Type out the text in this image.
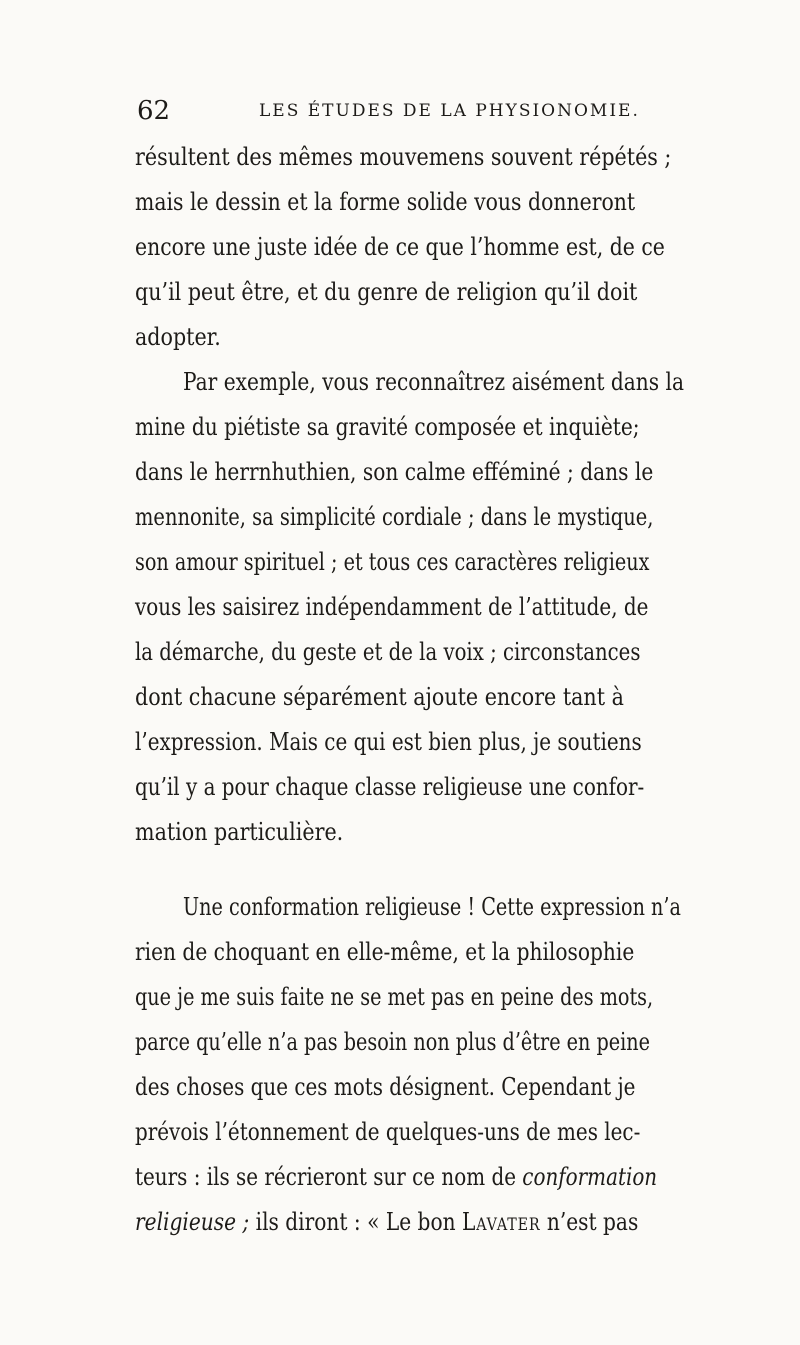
62	LES ÉTUDES DE LA PHYSIONOMIE.
résultent des mêmes mouvemens souvent répétés ;
mais le dessin et la forme solide vous donneront
encore une juste idée de ce que l’homme est, de ce
qu’il peut être, et du genre de religion qu’il doit
adopter.
Par exemple, vous reconnaîtrez aisément dans la
mine du piétiste sa gravité composée et inquiète;
dans le herrnhuthien, son calme efféminé ; dans le
mennonite, sa simplicité cordiale ; dans le mystique,
son amour spirituel ; et tous ces caractères religieux
vous les saisirez indépendamment de l’attitude, de
la démarche, du geste et de la voix ; circonstances
dont chacune séparément ajoute encore tant à
l’expression. Mais ce qui est bien plus, je soutiens
qu’il y a pour chaque classe religieuse une confor-
mation particulière.
Une conformation religieuse ! Cette expression n’a
rien de choquant en elle-même, et la philosophie
que je me suis faite ne se met pas en peine des mots,
parce qu’elle n’a pas besoin non plus d’être en peine
des choses que ces mots désignent. Cependant je
prévois l’étonnement de quelques-uns de mes lec-
teurs : ils se récrieront sur ce nom de conformation
religieuse ; ils diront : « Le bon Lavater n’est pas
